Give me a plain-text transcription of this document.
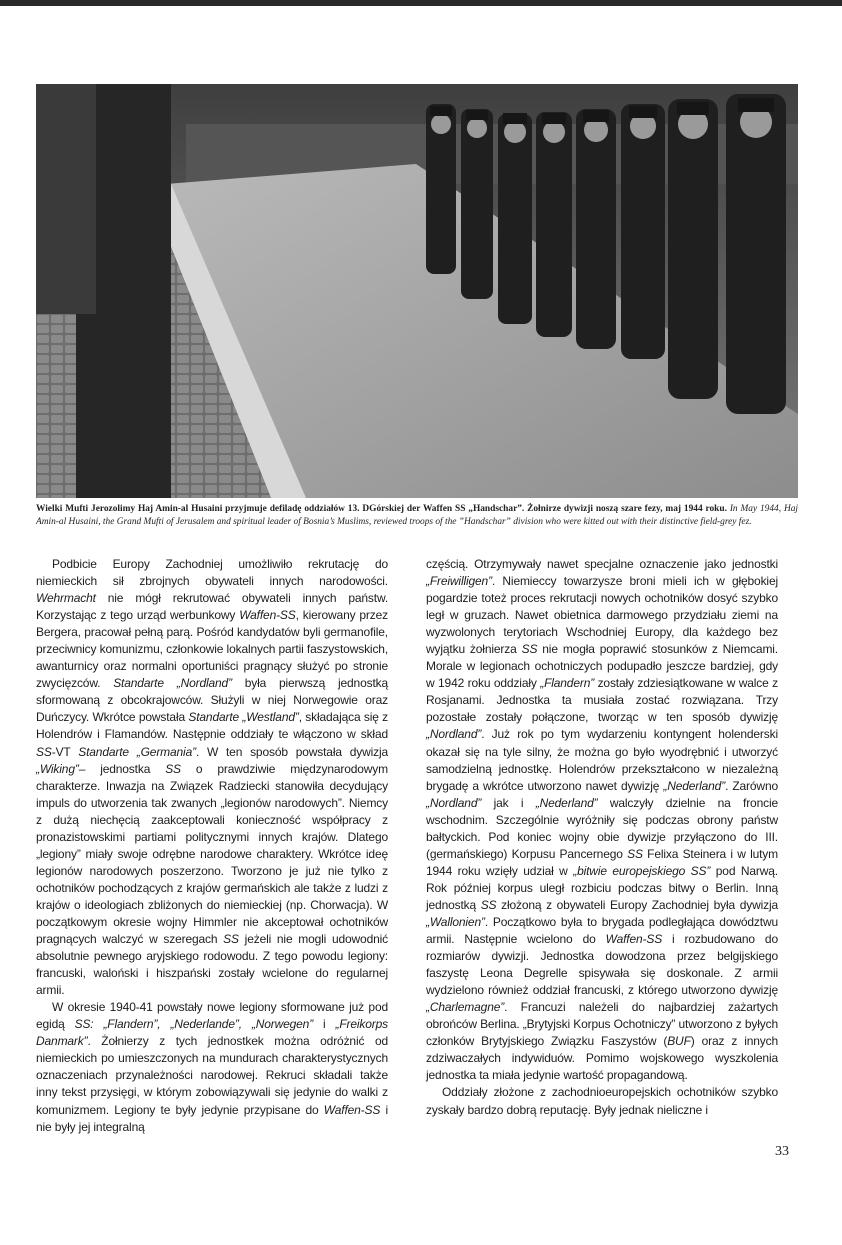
Wielki Mufti Jerozolimy Haj Amin-al Husaini przyjmuje defiladę oddziałów 13. DGórskiej der Waffen SS „Handschar”. Żołnirze dywizji noszą szare fezy, maj 1944 roku. In May 1944, Haj Amin-al Husaini, the Grand Mufti of Jerusalem and spiritual leader of Bosnia’s Muslims, reviewed troops of the ”Handschar” division who were kitted out with their distinctive field-grey fez.

Podbicie Europy Zachodniej umożliwiło rekrutację do niemieckich sił zbrojnych obywateli innych narodowości. Wehrmacht nie mógł rekrutować obywateli innych państw. Korzystając z tego urząd werbunkowy Waffen-SS, kierowany przez Bergera, pracował pełną parą. Pośród kandydatów byli germanofile, przeciwnicy komunizmu, członkowie lokalnych partii faszystowskich, awanturnicy oraz normalni oportuniści pragnący służyć po stronie zwycięzców. Standarte „Nordland” była pierwszą jednostką sformowaną z obcokrajowców. Służyli w niej Norwegowie oraz Duńczycy. Wkrótce powstała Standarte „Westland”, składająca się z Holendrów i Flamandów. Następnie oddziały te włączono w skład SS-VT Standarte „Germania”. W ten sposób powstała dywizja „Wiking”– jednostka SS o prawdziwie międzynarodowym charakterze. Inwazja na Związek Radziecki stanowiła decydujący impuls do utworzenia tak zwanych „legionów narodowych”. Niemcy z dużą niechęcią zaakceptowali konieczność współpracy z pronazistowskimi partiami politycznymi innych krajów. Dlatego „legiony” miały swoje odrębne narodowe charaktery. Wkrótce ideę legionów narodowych poszerzono. Tworzono je już nie tylko z ochotników pochodzących z krajów germańskich ale także z ludzi z krajów o ideologiach zbliżonych do niemieckiej (np. Chorwacja). W początkowym okresie wojny Himmler nie akceptował ochotników pragnących walczyć w szeregach SS jeżeli nie mogli udowodnić absolutnie pewnego aryjskiego rodowodu. Z tego powodu legiony: francuski, waloński i hiszpański zostały wcielone do regularnej armii.

W okresie 1940-41 powstały nowe legiony sformowane już pod egidą SS: „Flandern”, „Nederlande”, „Norwegen” i „Freikorps Danmark”. Żołnierzy z tych jednostkek można odróżnić od niemieckich po umieszczonych na mundurach charakterystycznych oznaczeniach przynależności narodowej. Rekruci składali także inny tekst przysięgi, w którym zobowiązywali się jedynie do walki z komunizmem. Legiony te były jedynie przypisane do Waffen-SS i nie były jej integralną

częścią. Otrzymywały nawet specjalne oznaczenie jako jednostki „Freiwilligen”. Niemieccy towarzysze broni mieli ich w głębokiej pogardzie toteż proces rekrutacji nowych ochotników dosyć szybko legł w gruzach. Nawet obietnica darmowego przydziału ziemi na wyzwolonych terytoriach Wschodniej Europy, dla każdego bez wyjątku żołnierza SS nie mogła poprawić stosunków z Niemcami. Morale w legionach ochotniczych podupadło jeszcze bardziej, gdy w 1942 roku oddziały „Flandern” zostały zdziesiątkowane w walce z Rosjanami. Jednostka ta musiała zostać rozwiązana. Trzy pozostałe zostały połączone, tworząc w ten sposób dywizję „Nordland”. Już rok po tym wydarzeniu kontyngent holenderski okazał się na tyle silny, że można go było wyodrębnić i utworzyć samodzielną jednostkę. Holendrów przekształcono w niezależną brygadę a wkrótce utworzono nawet dywizję „Nederland”. Zarówno „Nordland” jak i „Nederland” walczyły dzielnie na froncie wschodnim. Szczególnie wyróżniły się podczas obrony państw bałtyckich. Pod koniec wojny obie dywizje przyłączono do III. (germańskiego) Korpusu Pancernego SS Felixa Steinera i w lutym 1944 roku wzięły udział w „bitwie europejskiego SS” pod Narwą. Rok później korpus uległ rozbiciu podczas bitwy o Berlin. Inną jednostką SS złożoną z obywateli Europy Zachodniej była dywizja „Wallonien”. Początkowo była to brygada podległająca dowództwu armii. Następnie wcielono do Waffen-SS i rozbudowano do rozmiarów dywizji. Jednostka dowodzona przez belgijskiego faszystę Leona Degrelle spisywała się doskonale. Z armii wydzielono również oddział francuski, z którego utworzono dywizję „Charlemagne”. Francuzi należeli do najbardziej zażartych obrońców Berlina. „Brytyjski Korpus Ochotniczy” utworzono z byłych członków Brytyjskiego Związku Faszystów (BUF) oraz z innych zdziwaczałych indywiduów. Pomimo wojskowego wyszkolenia jednostka ta miała jedynie wartość propagandową.

Oddziały złożone z zachodnioeuropejskich ochotników szybko zyskały bardzo dobrą reputację. Były jednak nieliczne i

33
